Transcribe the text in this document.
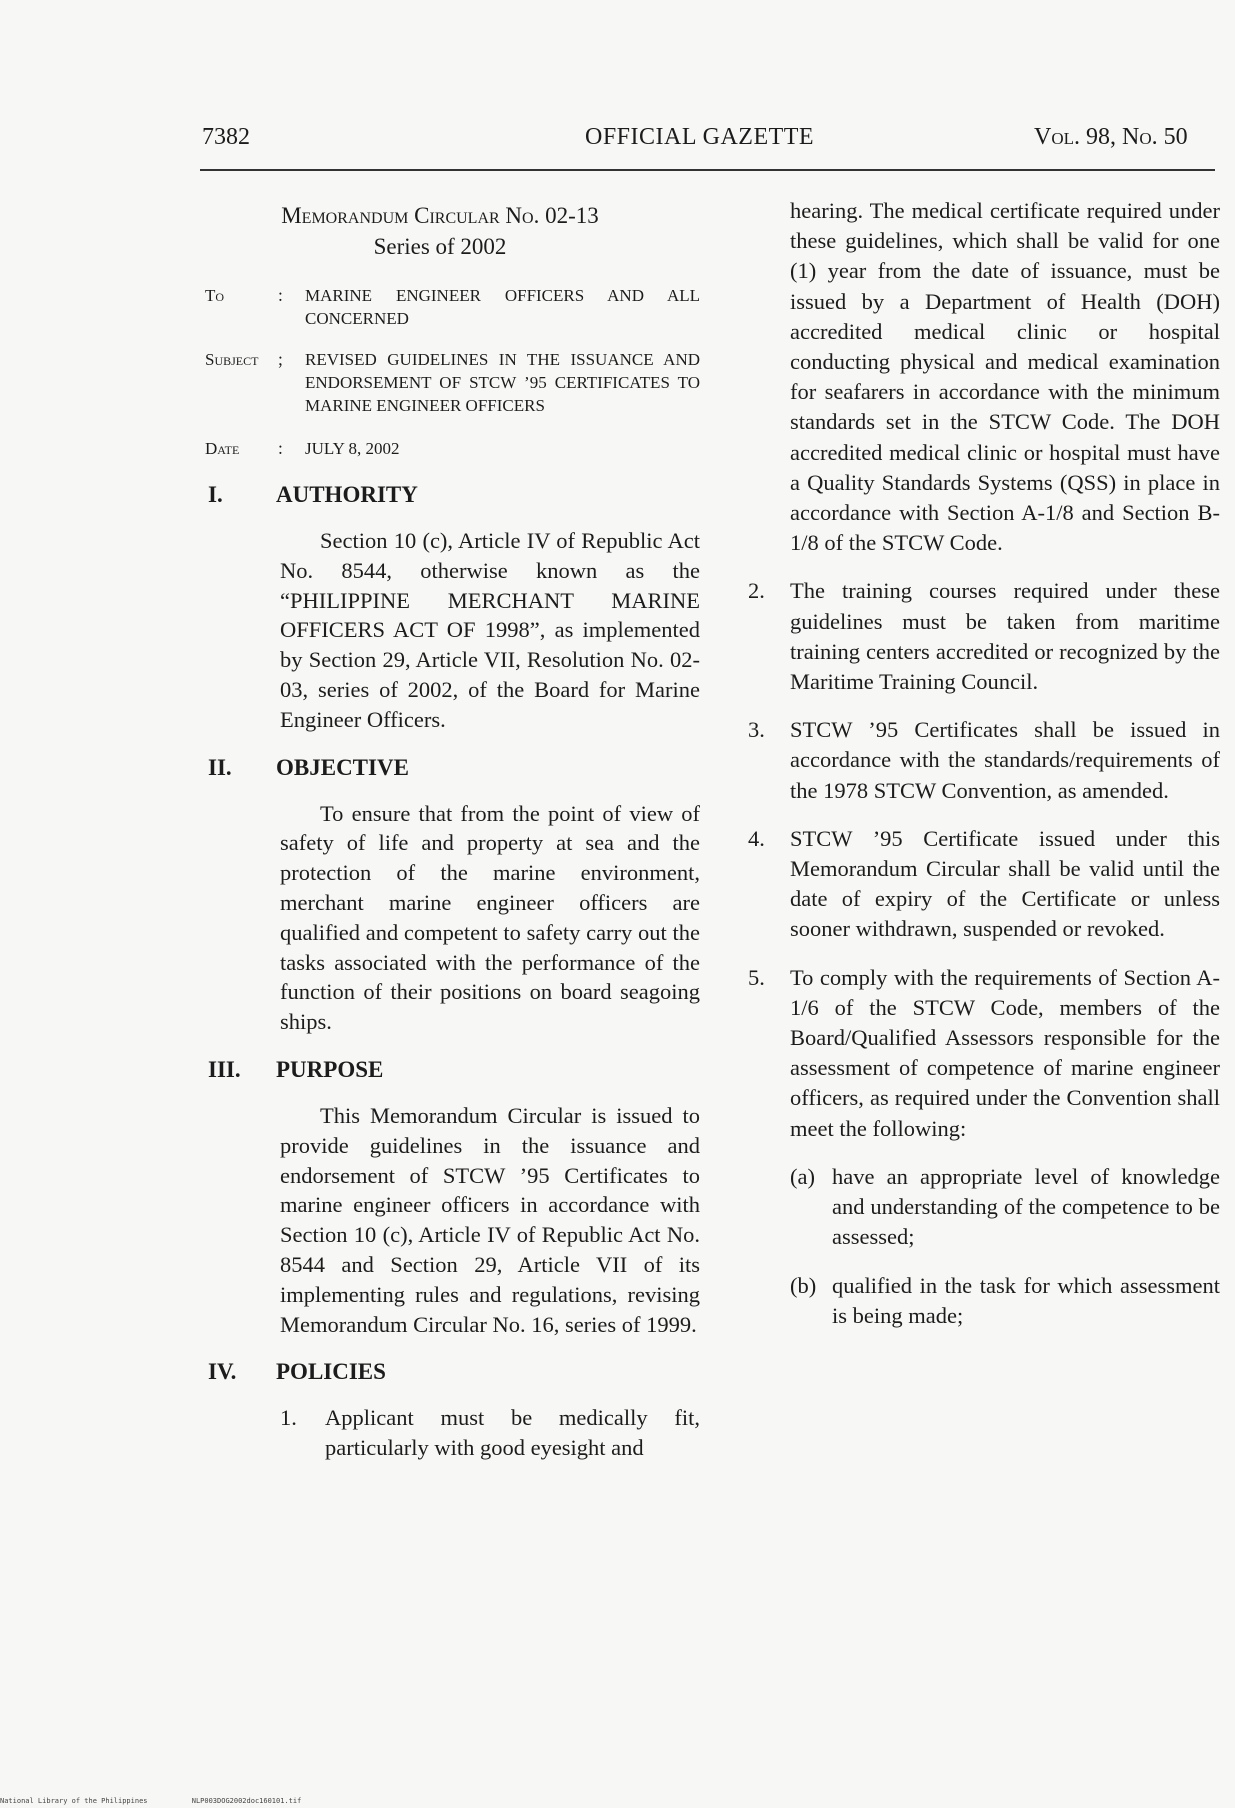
7382	OFFICIAL GAZETTE	Vol. 98, No. 50
Memorandum Circular No. 02-13
Series of 2002
To	: MARINE ENGINEER OFFICERS AND ALL CONCERNED
Subject ; REVISED GUIDELINES IN THE ISSUANCE AND ENDORSEMENT OF STCW ’95 CERTIFICATES TO MARINE ENGINEER OFFICERS
Date : JULY 8, 2002
I. AUTHORITY
Section 10 (c), Article IV of Republic Act No. 8544, otherwise known as the “PHILIPPINE MERCHANT MARINE OFFICERS ACT OF 1998”, as implemented by Section 29, Article VII, Resolution No. 02-03, series of 2002, of the Board for Marine Engineer Officers.
II. OBJECTIVE
To ensure that from the point of view of safety of life and property at sea and the protection of the marine environment, merchant marine engineer officers are qualified and competent to safety carry out the tasks associated with the performance of the function of their positions on board seagoing ships.
III. PURPOSE
This Memorandum Circular is issued to provide guidelines in the issuance and endorsement of STCW ’95 Certificates to marine engineer officers in accordance with Section 10 (c), Article IV of Republic Act No. 8544 and Section 29, Article VII of its implementing rules and regulations, revising Memorandum Circular No. 16, series of 1999.
IV. POLICIES
1. Applicant must be medically fit, particularly with good eyesight and
hearing. The medical certificate required under these guidelines, which shall be valid for one (1) year from the date of issuance, must be issued by a Department of Health (DOH) accredited medical clinic or hospital conducting physical and medical examination for seafarers in accordance with the minimum standards set in the STCW Code. The DOH accredited medical clinic or hospital must have a Quality Standards Systems (QSS) in place in accordance with Section A-1/8 and Section B-1/8 of the STCW Code.
2. The training courses required under these guidelines must be taken from maritime training centers accredited or recognized by the Maritime Training Council.
3. STCW ’95 Certificates shall be issued in accordance with the standards/requirements of the 1978 STCW Convention, as amended.
4. STCW ’95 Certificate issued under this Memorandum Circular shall be valid until the date of expiry of the Certificate or unless sooner withdrawn, suspended or revoked.
5. To comply with the requirements of Section A-1/6 of the STCW Code, members of the Board/Qualified Assessors responsible for the assessment of competence of marine engineer officers, as required under the Convention shall meet the following:
(a) have an appropriate level of knowledge and understanding of the competence to be assessed;
(b) qualified in the task for which assessment is being made;
National Library of the Philippines	NLP003DOG2002doc160101.tif
